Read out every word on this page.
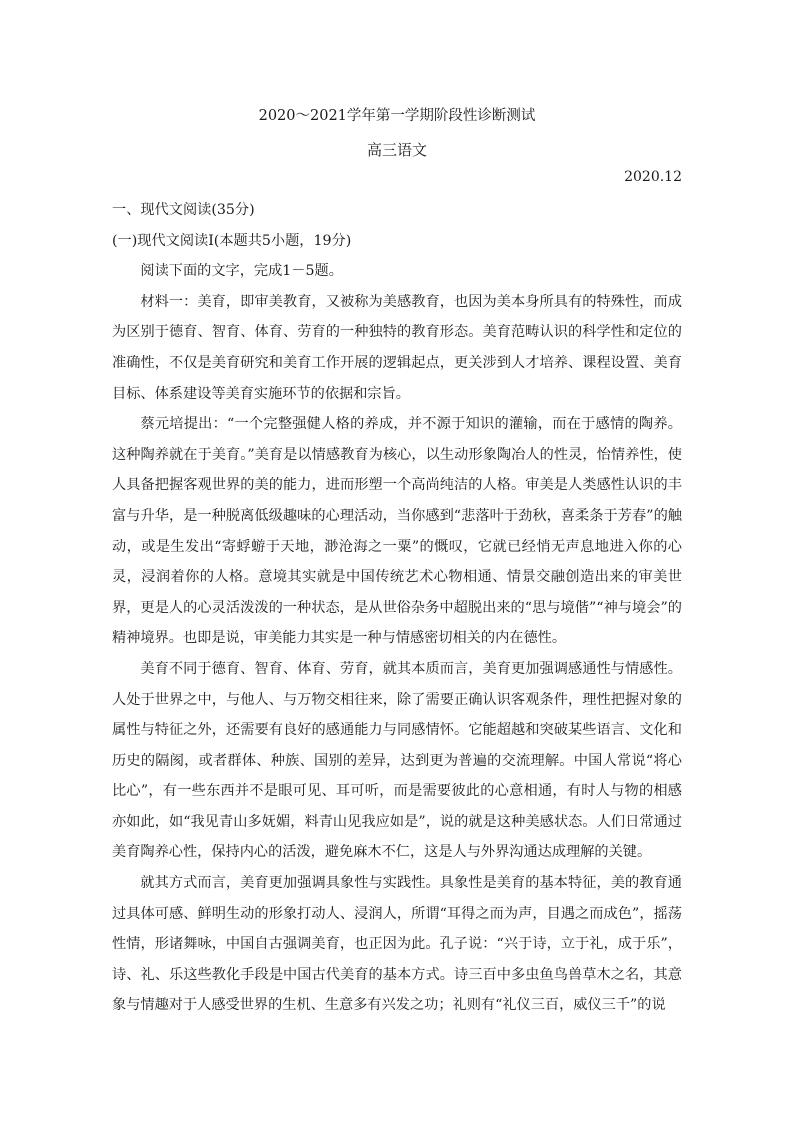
2020～2021学年第一学期阶段性诊断测试
高三语文
2020.12

一、现代文阅读(35分)

(一)现代文阅读Ⅰ(本题共5小题，19分)

阅读下面的文字，完成1－5题。

材料一：美育，即审美教育，又被称为美感教育，也因为美本身所具有的特殊性，而成为区别于德育、智育、体育、劳育的一种独特的教育形态。美育范畴认识的科学性和定位的准确性，不仅是美育研究和美育工作开展的逻辑起点，更关涉到人才培养、课程设置、美育目标、体系建设等美育实施环节的依据和宗旨。

蔡元培提出：“一个完整强健人格的养成，并不源于知识的灌输，而在于感情的陶养。这种陶养就在于美育。”美育是以情感教育为核心，以生动形象陶冶人的性灵，怡情养性，使人具备把握客观世界的美的能力，进而形塑一个高尚纯洁的人格。审美是人类感性认识的丰富与升华，是一种脱离低级趣味的心理活动，当你感到“悲落叶于劲秋，喜柔条于芳春”的触动，或是生发出“寄蜉蝣于天地，渺沧海之一粟”的慨叹，它就已经悄无声息地进入你的心灵，浸润着你的人格。意境其实就是中国传统艺术心物相通、情景交融创造出来的审美世界，更是人的心灵活泼泼的一种状态，是从世俗杂务中超脱出来的“思与境偕”“神与境会”的精神境界。也即是说，审美能力其实是一种与情感密切相关的内在德性。

美育不同于德育、智育、体育、劳育，就其本质而言，美育更加强调感通性与情感性。人处于世界之中，与他人、与万物交相往来，除了需要正确认识客观条件，理性把握对象的属性与特征之外，还需要有良好的感通能力与同感情怀。它能超越和突破某些语言、文化和历史的隔阂，或者群体、种族、国别的差异，达到更为普遍的交流理解。中国人常说“将心比心”，有一些东西并不是眼可见、耳可听，而是需要彼此的心意相通，有时人与物的相感亦如此，如“我见青山多妩媚，料青山见我应如是”，说的就是这种美感状态。人们日常通过美育陶养心性，保持内心的活泼，避免麻木不仁，这是人与外界沟通达成理解的关键。

就其方式而言，美育更加强调具象性与实践性。具象性是美育的基本特征，美的教育通过具体可感、鲜明生动的形象打动人、浸润人，所谓“耳得之而为声，目遇之而成色”，摇荡性情，形诸舞咏，中国自古强调美育，也正因为此。孔子说：“兴于诗，立于礼，成于乐”，诗、礼、乐这些教化手段是中国古代美育的基本方式。诗三百中多虫鱼鸟兽草木之名，其意象与情趣对于人感受世界的生机、生意多有兴发之功；礼则有“礼仪三百，威仪三千”的说
